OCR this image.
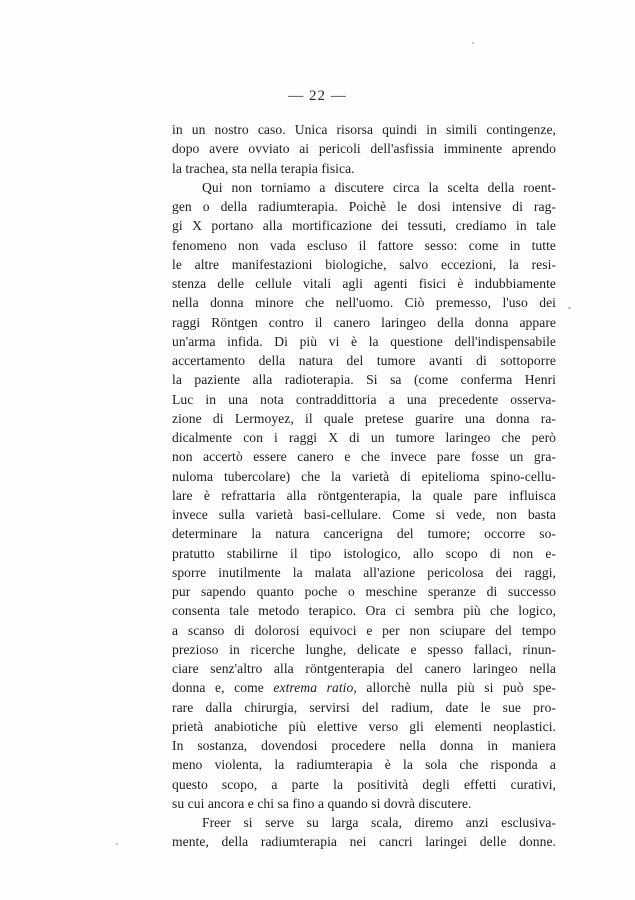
— 22 —
in un nostro caso. Unica risorsa quindi in simili contingenze,
dopo avere ovviato ai pericoli dell'asfissia imminente aprendo
la trachea, sta nella terapia fisica.
Qui non torniamo a discutere circa la scelta della roent-
gen o della radiumterapia. Poichè le dosi intensive di rag-
gi X portano alla mortificazione dei tessuti, crediamo in tale
fenomeno non vada escluso il fattore sesso: come in tutte
le altre manifestazioni biologiche, salvo eccezioni, la resi-
stenza delle cellule vitali agli agenti fisici è indubbiamente
nella donna minore che nell'uomo. Ciò premesso, l'uso dei
raggi Röntgen contro il canero laringeo della donna appare
un'arma infida. Di più vi è la questione dell'indispensabile
accertamento della natura del tumore avanti di sottoporre
la paziente alla radioterapia. Si sa (come conferma Henri
Luc in una nota contraddittoria a una precedente osserva-
zione di Lermoyez, il quale pretese guarire una donna ra-
dicalmente con i raggi X di un tumore laringeo che però
non accertò essere canero e che invece pare fosse un gra-
nuloma tubercolare) che la varietà di epitelioma spino-cellu-
lare è refrattaria alla röntgenterapia, la quale pare influisca
invece sulla varietà basi-cellulare. Come si vede, non basta
determinare la natura cancerigna del tumore; occorre so-
pratutto stabilirne il tipo istologico, allo scopo di non e-
sporre inutilmente la malata all'azione pericolosa dei raggi,
pur sapendo quanto poche o meschine speranze di successo
consenta tale metodo terapico. Ora ci sembra più che logico,
a scanso di dolorosi equivoci e per non sciupare del tempo
prezioso in ricerche lunghe, delicate e spesso fallaci, rinun-
ciare senz'altro alla röntgenterapia del canero laringeo nella
donna e, come extrema ratio, allorchè nulla più si può spe-
rare dalla chirurgia, servirsi del radium, date le sue pro-
prietà anabiotiche più elettive verso gli elementi neoplastici.
In sostanza, dovendosi procedere nella donna in maniera
meno violenta, la radiumterapia è la sola che risponda a
questo scopo, a parte la positività degli effetti curativi,
su cui ancora e chi sa fino a quando si dovrà discutere.
Freer si serve su larga scala, diremo anzi esclusiva-
mente, della radiumterapia nei cancri laringei delle donne.
